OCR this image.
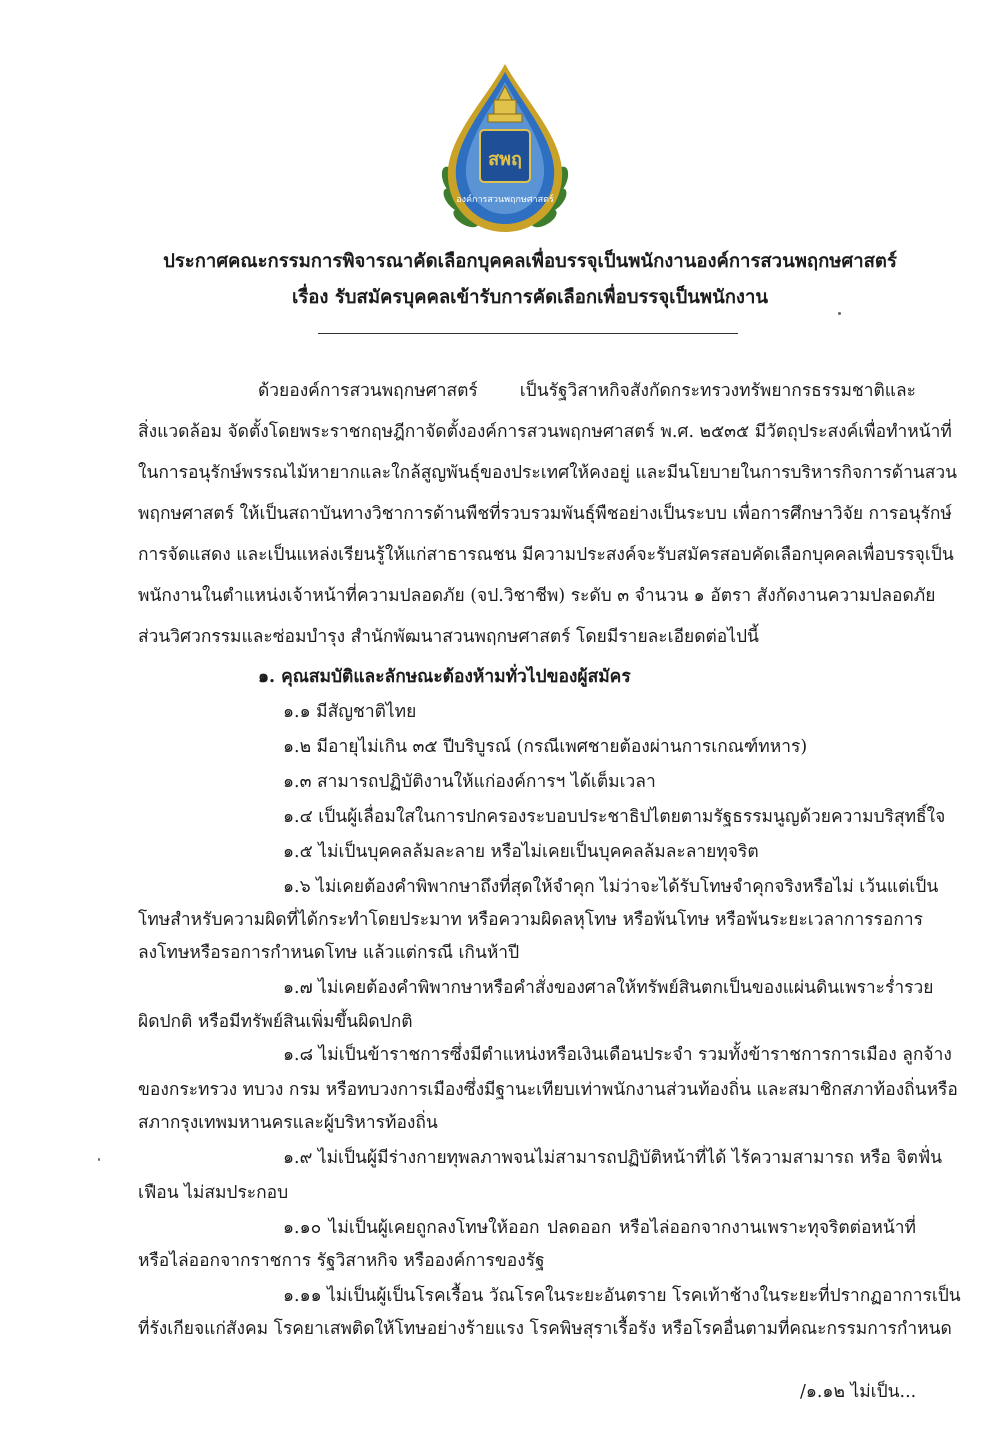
สพฤ
องค์การสวนพฤกษศาสตร์
ประกาศคณะกรรมการพิจารณาคัดเลือกบุคคลเพื่อบรรจุเป็นพนักงานองค์การสวนพฤกษศาสตร์
เรื่อง รับสมัครบุคคลเข้ารับการคัดเลือกเพื่อบรรจุเป็นพนักงาน
ด้วยองค์การสวนพฤกษศาสตร์ เป็นรัฐวิสาหกิจสังกัดกระทรวงทรัพยากรธรรมชาติและ
สิ่งแวดล้อม จัดตั้งโดยพระราชกฤษฎีกาจัดตั้งองค์การสวนพฤกษศาสตร์ พ.ศ. ๒๕๓๕ มีวัตถุประสงค์เพื่อทำหน้าที่
ในการอนุรักษ์พรรณไม้หายากและใกล้สูญพันธุ์ของประเทศให้คงอยู่ และมีนโยบายในการบริหารกิจการด้านสวน
พฤกษศาสตร์ ให้เป็นสถาบันทางวิชาการด้านพืชที่รวบรวมพันธุ์พืชอย่างเป็นระบบ เพื่อการศึกษาวิจัย การอนุรักษ์
การจัดแสดง และเป็นแหล่งเรียนรู้ให้แก่สาธารณชน มีความประสงค์จะรับสมัครสอบคัดเลือกบุคคลเพื่อบรรจุเป็น
พนักงานในตำแหน่งเจ้าหน้าที่ความปลอดภัย (จป.วิชาชีพ) ระดับ ๓ จำนวน ๑ อัตรา สังกัดงานความปลอดภัย
ส่วนวิศวกรรมและซ่อมบำรุง สำนักพัฒนาสวนพฤกษศาสตร์ โดยมีรายละเอียดต่อไปนี้
๑. คุณสมบัติและลักษณะต้องห้ามทั่วไปของผู้สมัคร
๑.๑ มีสัญชาติไทย
๑.๒ มีอายุไม่เกิน ๓๕ ปีบริบูรณ์ (กรณีเพศชายต้องผ่านการเกณฑ์ทหาร)
๑.๓ สามารถปฏิบัติงานให้แก่องค์การฯ ได้เต็มเวลา
๑.๔ เป็นผู้เลื่อมใสในการปกครองระบอบประชาธิปไตยตามรัฐธรรมนูญด้วยความบริสุทธิ์ใจ
๑.๕ ไม่เป็นบุคคลล้มละลาย หรือไม่เคยเป็นบุคคลล้มละลายทุจริต
๑.๖ ไม่เคยต้องคำพิพากษาถึงที่สุดให้จำคุก ไม่ว่าจะได้รับโทษจำคุกจริงหรือไม่ เว้นแต่เป็น
โทษสำหรับความผิดที่ได้กระทำโดยประมาท หรือความผิดลหุโทษ หรือพ้นโทษ หรือพ้นระยะเวลาการรอการ
ลงโทษหรือรอการกำหนดโทษ แล้วแต่กรณี เกินห้าปี
๑.๗ ไม่เคยต้องคำพิพากษาหรือคำสั่งของศาลให้ทรัพย์สินตกเป็นของแผ่นดินเพราะร่ำรวย
ผิดปกติ หรือมีทรัพย์สินเพิ่มขึ้นผิดปกติ
๑.๘ ไม่เป็นข้าราชการซึ่งมีตำแหน่งหรือเงินเดือนประจำ รวมทั้งข้าราชการการเมือง ลูกจ้าง
ของกระทรวง ทบวง กรม หรือทบวงการเมืองซึ่งมีฐานะเทียบเท่าพนักงานส่วนท้องถิ่น และสมาชิกสภาท้องถิ่นหรือ
สภากรุงเทพมหานครและผู้บริหารท้องถิ่น
๑.๙ ไม่เป็นผู้มีร่างกายทุพลภาพจนไม่สามารถปฏิบัติหน้าที่ได้ ไร้ความสามารถ หรือ จิตฟั่น
เฟือน ไม่สมประกอบ
๑.๑๐ ไม่เป็นผู้เคยถูกลงโทษให้ออก ปลดออก หรือไล่ออกจากงานเพราะทุจริตต่อหน้าที่
หรือไล่ออกจากราชการ รัฐวิสาหกิจ หรือองค์การของรัฐ
๑.๑๑ ไม่เป็นผู้เป็นโรคเรื้อน วัณโรคในระยะอันตราย โรคเท้าช้างในระยะที่ปรากฏอาการเป็น
ที่รังเกียจแก่สังคม โรคยาเสพติดให้โทษอย่างร้ายแรง โรคพิษสุราเรื้อรัง หรือโรคอื่นตามที่คณะกรรมการกำหนด
/๑.๑๒ ไม่เป็น...
